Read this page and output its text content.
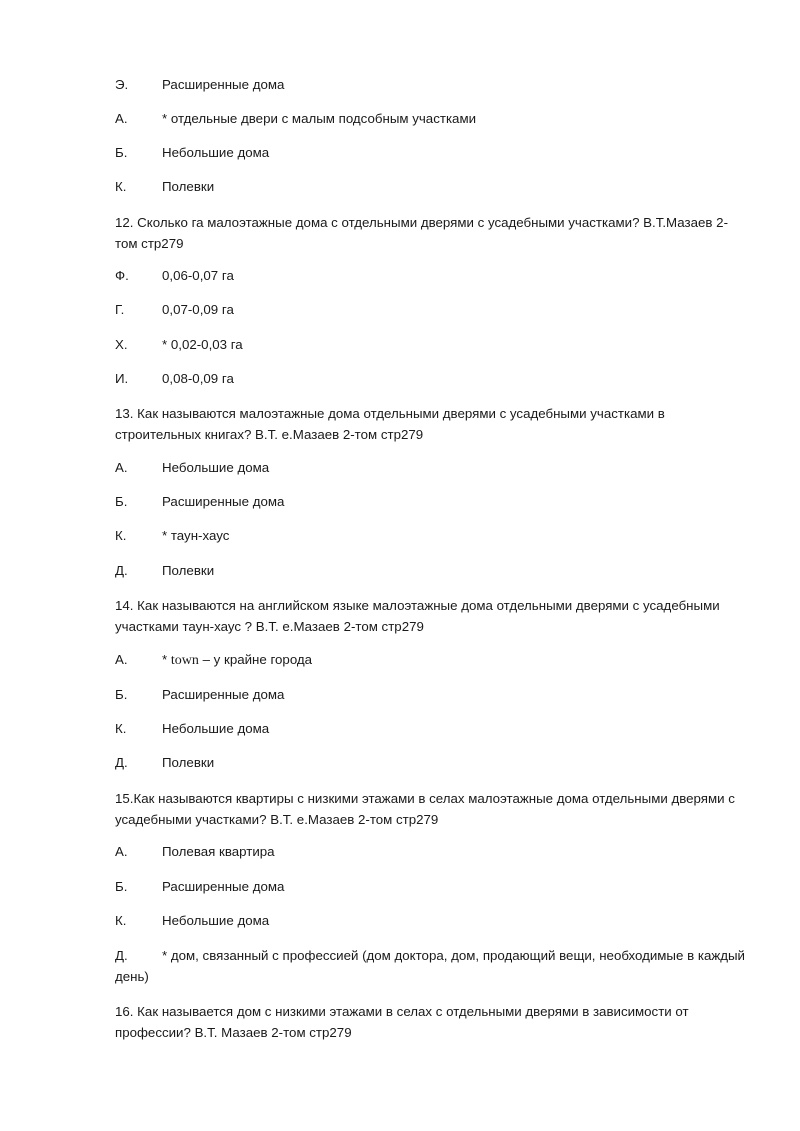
Э.	Расширенные дома
А.	* отдельные двери с малым подсобным участками
Б.	Небольшие дома
К.	Полевки
12. Сколько га малоэтажные дома с отдельными дверями с усадебными участками? В.Т.Мазаев 2-том стр279
Ф. 0,06-0,07 га
Г.	0,07-0,09 га
Х.	* 0,02-0,03 га
И.	0,08-0,09 га
13. Как называются малоэтажные дома отдельными дверями с усадебными участками в строительных книгах? В.Т. е.Мазаев 2-том стр279
А.	Небольшие дома
Б.	Расширенные дома
К.	* таун-хаус
Д.	Полевки
14. Как называются на английском языке малоэтажные дома отдельными дверями с усадебными участками таун-хаус ? В.Т. е.Мазаев 2-том стр279
А.	* town – у крайне города
Б.	Расширенные дома
К.	Небольшие дома
Д.	Полевки
15.Как называются квартиры с низкими этажами в селах малоэтажные дома отдельными дверями с усадебными участками? В.Т. е.Мазаев 2-том стр279
А.	Полевая квартира
Б.	Расширенные дома
К.	Небольшие дома
Д.	* дом, связанный с профессией (дом доктора, дом, продающий вещи, необходимые в каждый день)
16. Как называется дом с низкими этажами в селах с отдельными дверями в зависимости от профессии? В.Т. Мазаев 2-том стр279
